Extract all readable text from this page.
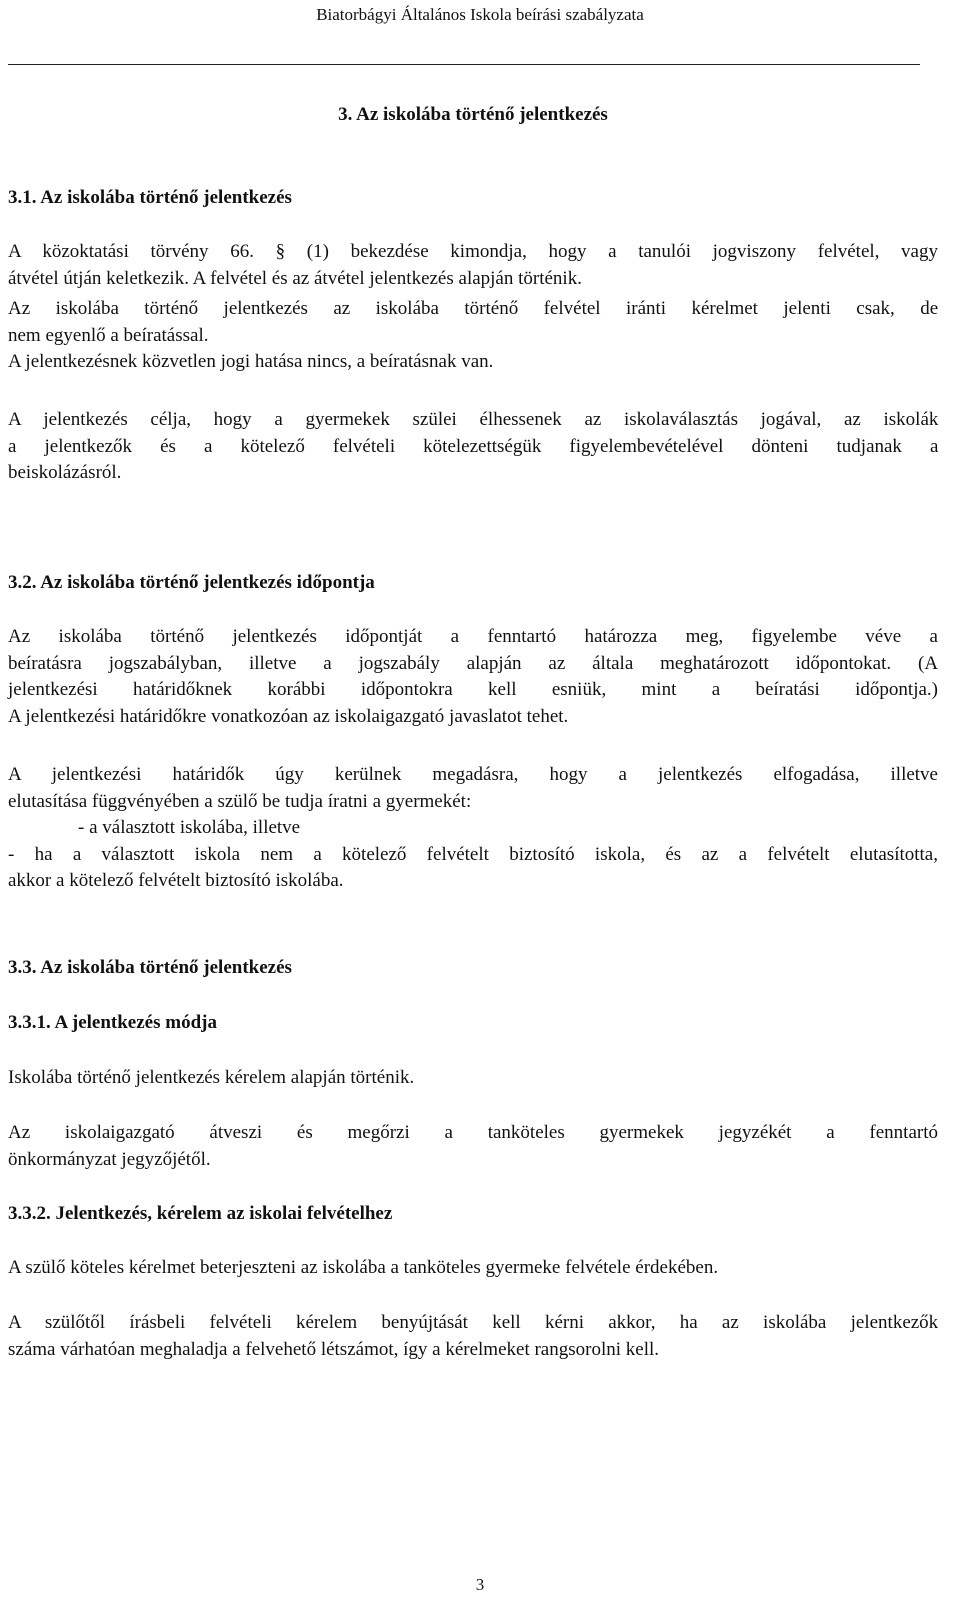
Biatorbágyi Általános Iskola beírási szabályzata
3. Az iskolába történő jelentkezés
3.1. Az iskolába történő jelentkezés
A közoktatási törvény 66. § (1) bekezdése kimondja, hogy a tanulói jogviszony felvétel, vagy
átvétel útján keletkezik. A felvétel és az átvétel jelentkezés alapján történik.
Az iskolába történő jelentkezés az iskolába történő felvétel iránti kérelmet jelenti csak, de
nem egyenlő a beíratással.
A jelentkezésnek közvetlen jogi hatása nincs, a beíratásnak van.
A jelentkezés célja, hogy a gyermekek szülei élhessenek az iskolaválasztás jogával, az iskolák
a jelentkezők és a kötelező felvételi kötelezettségük figyelembevételével dönteni tudjanak a
beiskolázásról.
3.2. Az iskolába történő jelentkezés időpontja
Az iskolába történő jelentkezés időpontját a fenntartó határozza meg, figyelembe véve a
beíratásra jogszabályban, illetve a jogszabály alapján az általa meghatározott időpontokat. (A
jelentkezési határidőknek korábbi időpontokra kell esniük, mint a beíratási időpontja.)
A jelentkezési határidőkre vonatkozóan az iskolaigazgató javaslatot tehet.
A jelentkezési határidők úgy kerülnek megadásra, hogy a jelentkezés elfogadása, illetve
elutasítása függvényében a szülő be tudja íratni a gyermekét:
- a választott iskolába, illetve
- ha a választott iskola nem a kötelező felvételt biztosító iskola, és az a felvételt elutasította,
akkor a kötelező felvételt biztosító iskolába.
3.3. Az iskolába történő jelentkezés
3.3.1. A jelentkezés módja
Iskolába történő jelentkezés kérelem alapján történik.
Az iskolaigazgató átveszi és megőrzi a tanköteles gyermekek jegyzékét a fenntartó
önkormányzat jegyzőjétől.
3.3.2. Jelentkezés, kérelem az iskolai felvételhez
A szülő köteles kérelmet beterjeszteni az iskolába a tanköteles gyermeke felvétele érdekében.
A szülőtől írásbeli felvételi kérelem benyújtását kell kérni akkor, ha az iskolába jelentkezők
száma várhatóan meghaladja a felvehető létszámot, így a kérelmeket rangsorolni kell.
3
